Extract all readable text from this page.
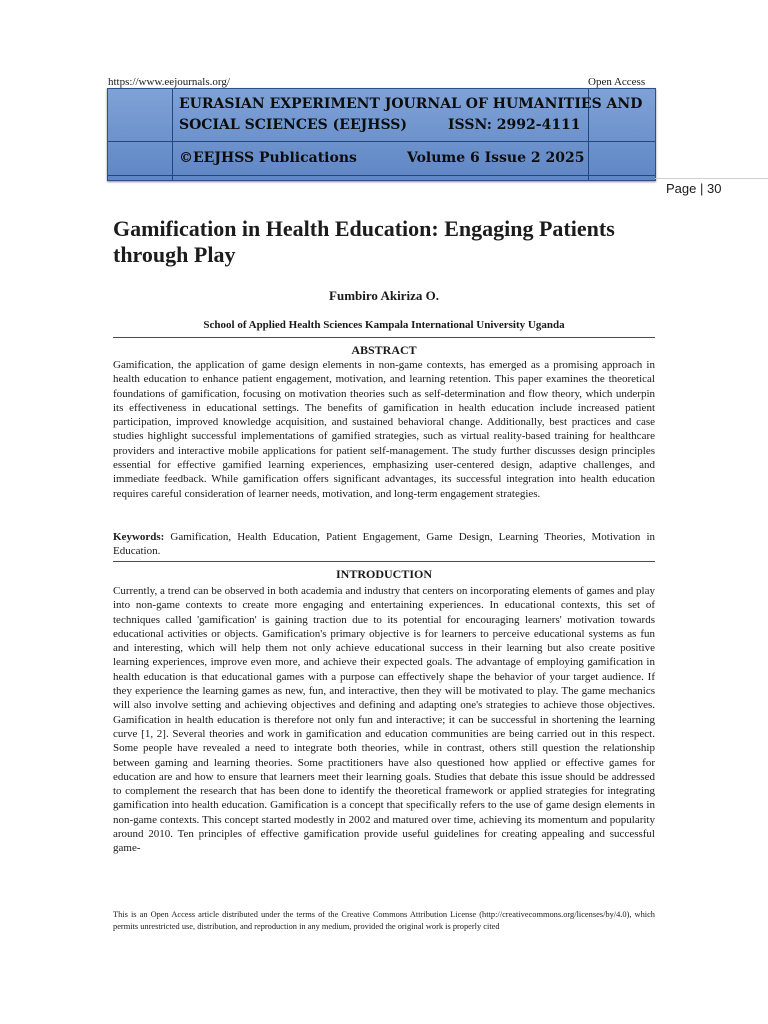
https://www.eejournals.org/	Open Access
EURASIAN EXPERIMENT JOURNAL OF HUMANITIES AND
SOCIAL SCIENCES (EEJHSS)	ISSN: 2992-4111
©EEJHSS Publications	Volume 6 Issue 2 2025
Page | 30
Gamification in Health Education: Engaging Patients through Play
Fumbiro Akiriza O.
School of Applied Health Sciences Kampala International University Uganda
ABSTRACT

Gamification, the application of game design elements in non-game contexts, has emerged as a promising approach in health education to enhance patient engagement, motivation, and learning retention. This paper examines the theoretical foundations of gamification, focusing on motivation theories such as self-determination and flow theory, which underpin its effectiveness in educational settings. The benefits of gamification in health education include increased patient participation, improved knowledge acquisition, and sustained behavioral change. Additionally, best practices and case studies highlight successful implementations of gamified strategies, such as virtual reality-based training for healthcare providers and interactive mobile applications for patient self-management. The study further discusses design principles essential for effective gamified learning experiences, emphasizing user-centered design, adaptive challenges, and immediate feedback. While gamification offers significant advantages, its successful integration into health education requires careful consideration of learner needs, motivation, and long-term engagement strategies.

Keywords: Gamification, Health Education, Patient Engagement, Game Design, Learning Theories, Motivation in Education.

INTRODUCTION

Currently, a trend can be observed in both academia and industry that centers on incorporating elements of games and play into non-game contexts to create more engaging and entertaining experiences. In educational contexts, this set of techniques called 'gamification' is gaining traction due to its potential for encouraging learners' motivation towards educational activities or objects. Gamification's primary objective is for learners to perceive educational systems as fun and interesting, which will help them not only achieve educational success in their learning but also create positive learning experiences, improve even more, and achieve their expected goals. The advantage of employing gamification in health education is that educational games with a purpose can effectively shape the behavior of your target audience. If they experience the learning games as new, fun, and interactive, then they will be motivated to play. The game mechanics will also involve setting and achieving objectives and defining and adapting one's strategies to achieve those objectives. Gamification in health education is therefore not only fun and interactive; it can be successful in shortening the learning curve [1, 2]. Several theories and work in gamification and education communities are being carried out in this respect. Some people have revealed a need to integrate both theories, while in contrast, others still question the relationship between gaming and learning theories. Some practitioners have also questioned how applied or effective games for education are and how to ensure that learners meet their learning goals. Studies that debate this issue should be addressed to complement the research that has been done to identify the theoretical framework or applied strategies for integrating gamification into health education. Gamification is a concept that specifically refers to the use of game design elements in non-game contexts. This concept started modestly in 2002 and matured over time, achieving its momentum and popularity around 2010. Ten principles of effective gamification provide useful guidelines for creating appealing and successful game-

This is an Open Access article distributed under the terms of the Creative Commons Attribution License (http://creativecommons.org/licenses/by/4.0), which permits unrestricted use, distribution, and reproduction in any medium, provided the original work is properly cited
